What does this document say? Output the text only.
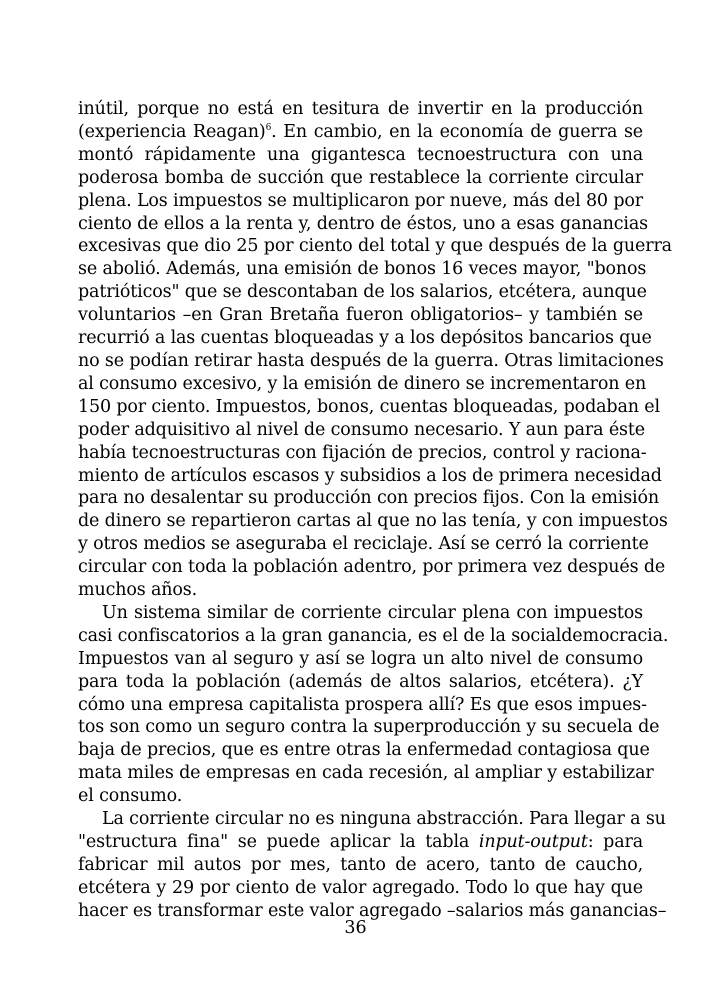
inútil, porque no está en tesitura de invertir en la producción
(experiencia Reagan)$^6$. En cambio, en la economía de guerra se
montó rápidamente una gigantesca tecnoestructura con una
poderosa bomba de succión que restablece la corriente circular
plena. Los impuestos se multiplicaron por nueve, más del 80 por
ciento de ellos a la renta y, dentro de éstos, uno a esas ganancias
excesivas que dio 25 por ciento del total y que después de la guerra
se abolió. Además, una emisión de bonos 16 veces mayor, "bonos
patrióticos" que se descontaban de los salarios, etcétera, aunque
voluntarios –en Gran Bretaña fueron obligatorios– y también se
recurrió a las cuentas bloqueadas y a los depósitos bancarios que
no se podían retirar hasta después de la guerra. Otras limitaciones
al consumo excesivo, y la emisión de dinero se incrementaron en
150 por ciento. Impuestos, bonos, cuentas bloqueadas, podaban el
poder adquisitivo al nivel de consumo necesario. Y aun para éste
había tecnoestructuras con fijación de precios, control y raciona-
miento de artículos escasos y subsidios a los de primera necesidad
para no desalentar su producción con precios fijos. Con la emisión
de dinero se repartieron cartas al que no las tenía, y con impuestos
y otros medios se aseguraba el reciclaje. Así se cerró la corriente
circular con toda la población adentro, por primera vez después de
muchos años.

Un sistema similar de corriente circular plena con impuestos
casi confiscatorios a la gran ganancia, es el de la socialdemocracia.
Impuestos van al seguro y así se logra un alto nivel de consumo
para toda la población (además de altos salarios, etcétera). ¿Y
cómo una empresa capitalista prospera allí? Es que esos impues-
tos son como un seguro contra la superproducción y su secuela de
baja de precios, que es entre otras la enfermedad contagiosa que
mata miles de empresas en cada recesión, al ampliar y estabilizar
el consumo.

La corriente circular no es ninguna abstracción. Para llegar a su
"estructura fina" se puede aplicar la tabla input-output: para
fabricar mil autos por mes, tanto de acero, tanto de caucho,
etcétera y 29 por ciento de valor agregado. Todo lo que hay que
hacer es transformar este valor agregado –salarios más ganancias–

36
